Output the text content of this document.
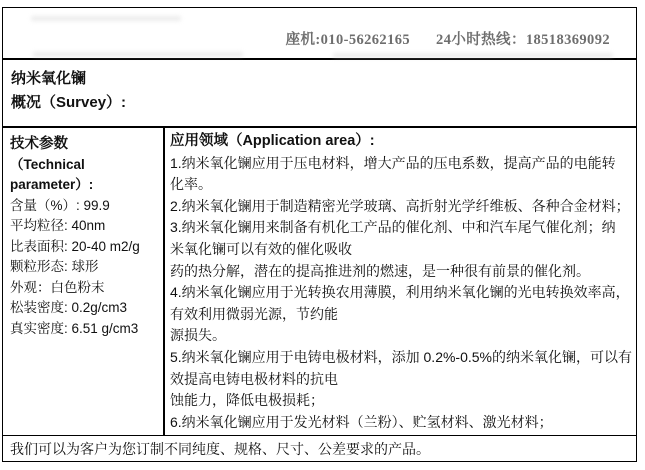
座机:010-56262165 24小时热线：18518369092
纳米氧化镧
概况（Survey）:
技术参数
（Technical parameter）:
含量（%）: 99.9
平均粒径: 40nm
比表面积: 20-40 m2/g
颗粒形态: 球形
外观：白色粉末
松装密度: 0.2g/cm3
真实密度: 6.51 g/cm3
应用领域（Application area）:
1.纳米氧化镧应用于压电材料，增大产品的压电系数，提高产品的电能转
化率。
2.纳米氧化镧用于制造精密光学玻璃、高折射光学纤维板、各种合金材料；
3.纳米氧化镧用来制备有机化工产品的催化剂、中和汽车尾气催化剂；纳
米氧化镧可以有效的催化吸收
药的热分解，潜在的提高推进剂的燃速，是一种很有前景的催化剂。
4.纳米氧化镧应用于光转换农用薄膜，利用纳米氧化镧的光电转换效率高，
有效利用微弱光源，节约能
源损失。
5.纳米氧化镧应用于电铸电极材料，添加 0.2%-0.5%的纳米氧化镧，可以有
效提高电铸电极材料的抗电
蚀能力，降低电极损耗；
6.纳米氧化镧应用于发光材料（兰粉）、贮氢材料、激光材料；
我们可以为客户为您订制不同纯度、规格、尺寸、公差要求的产品。
